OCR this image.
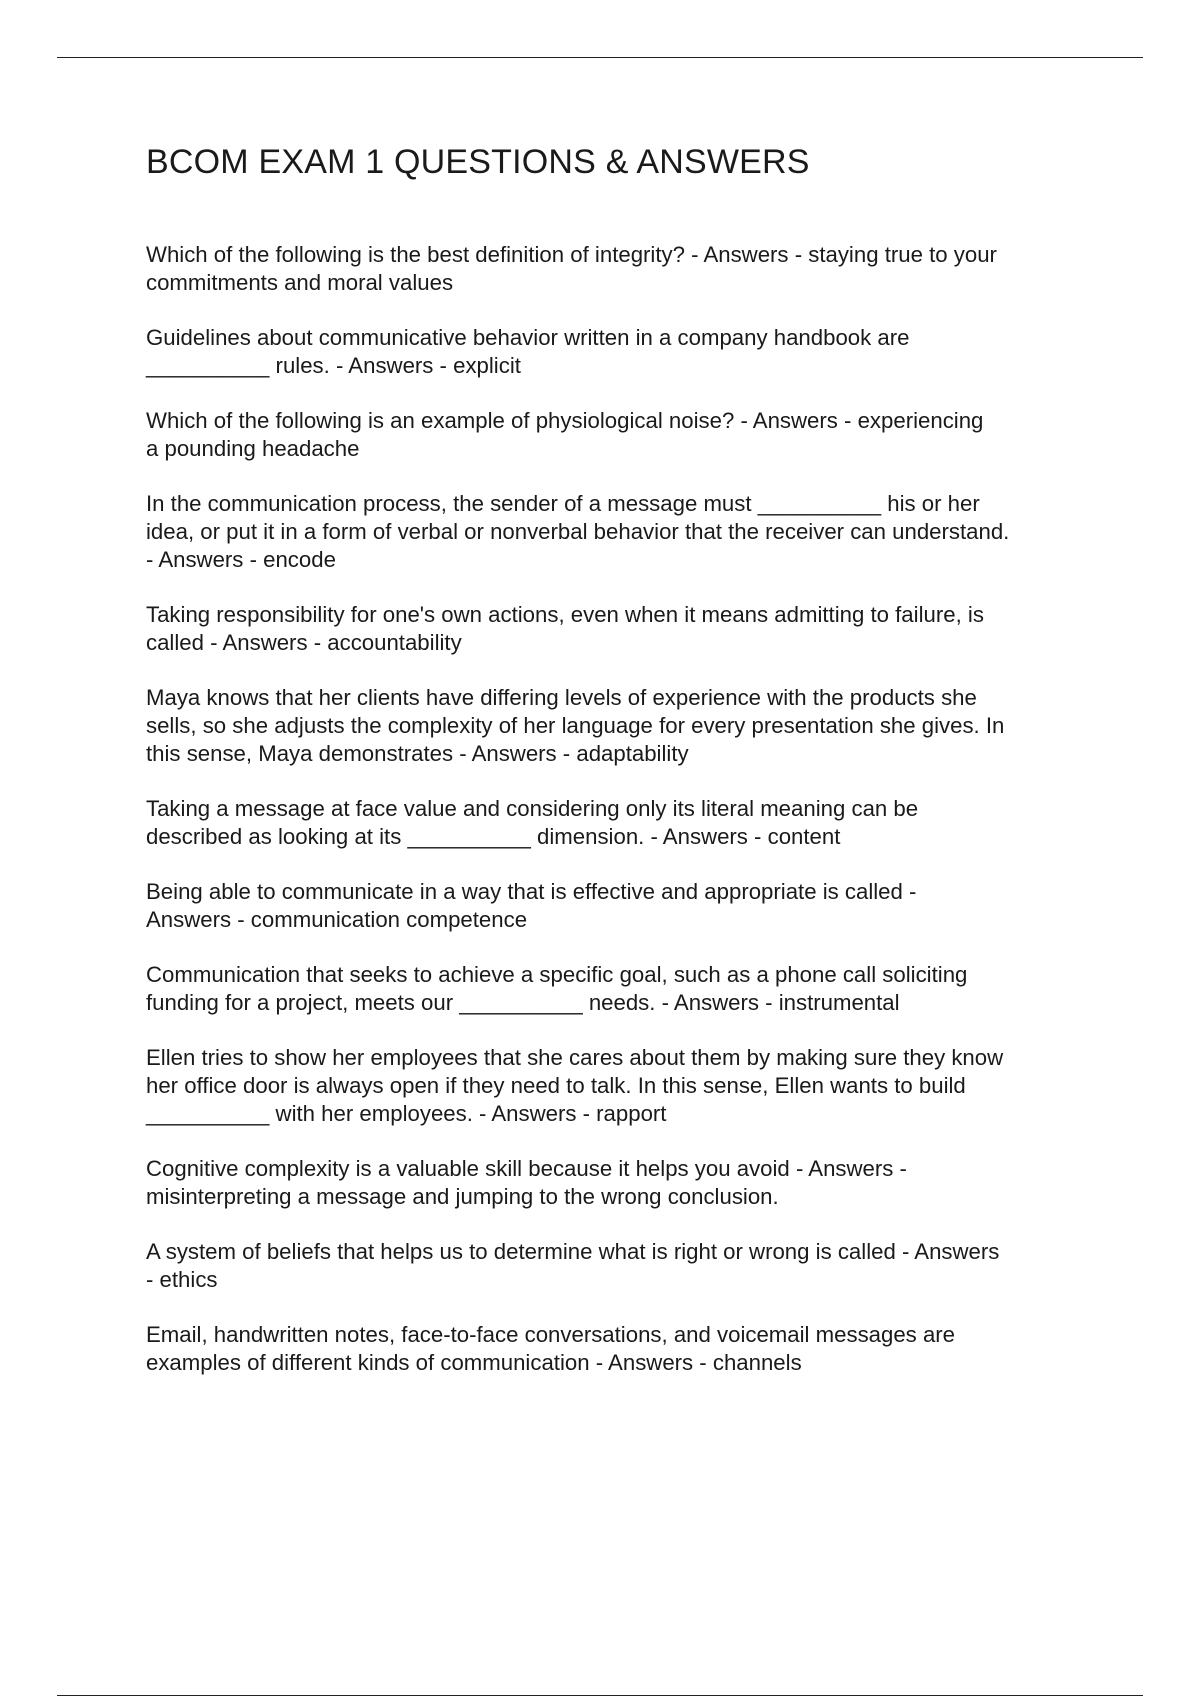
BCOM EXAM 1 QUESTIONS & ANSWERS

Which of the following is the best definition of integrity? - Answers - staying true to your
commitments and moral values

Guidelines about communicative behavior written in a company handbook are
__________ rules. - Answers - explicit

Which of the following is an example of physiological noise? - Answers - experiencing
a pounding headache

In the communication process, the sender of a message must __________ his or her
idea, or put it in a form of verbal or nonverbal behavior that the receiver can understand.
- Answers - encode

Taking responsibility for one's own actions, even when it means admitting to failure, is
called - Answers - accountability

Maya knows that her clients have differing levels of experience with the products she
sells, so she adjusts the complexity of her language for every presentation she gives. In
this sense, Maya demonstrates - Answers - adaptability

Taking a message at face value and considering only its literal meaning can be
described as looking at its __________ dimension. - Answers - content

Being able to communicate in a way that is effective and appropriate is called -
Answers - communication competence

Communication that seeks to achieve a specific goal, such as a phone call soliciting
funding for a project, meets our __________ needs. - Answers - instrumental

Ellen tries to show her employees that she cares about them by making sure they know
her office door is always open if they need to talk. In this sense, Ellen wants to build
__________ with her employees. - Answers - rapport

Cognitive complexity is a valuable skill because it helps you avoid - Answers -
misinterpreting a message and jumping to the wrong conclusion.

A system of beliefs that helps us to determine what is right or wrong is called - Answers
- ethics

Email, handwritten notes, face-to-face conversations, and voicemail messages are
examples of different kinds of communication - Answers - channels
